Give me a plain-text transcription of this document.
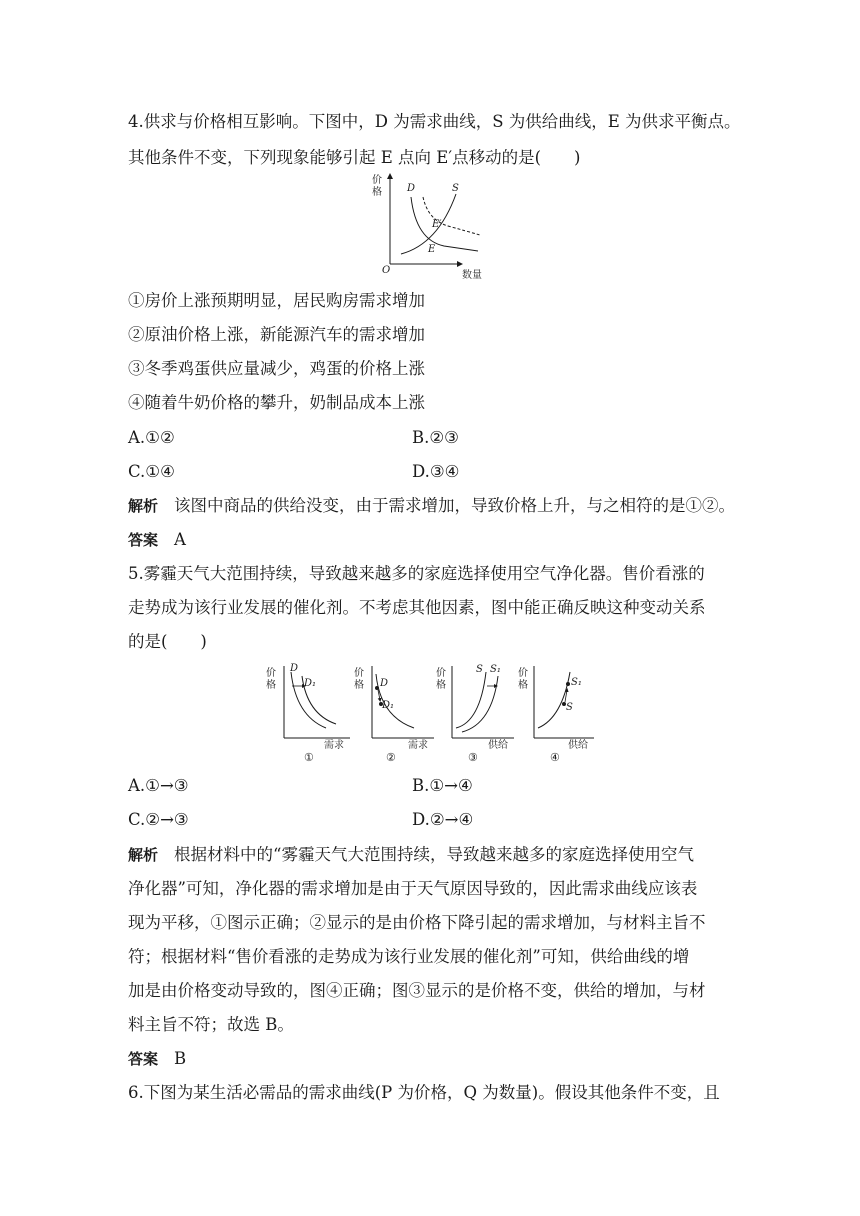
4.供求与价格相互影响。下图中，D 为需求曲线，S 为供给曲线，E 为供求平衡点。
其他条件不变，下列现象能够引起 E 点向 E′点移动的是(　　)
价
格
O	数量
D	S
E′
E
①房价上涨预期明显，居民购房需求增加
②原油价格上涨，新能源汽车的需求增加
③冬季鸡蛋供应量减少，鸡蛋的价格上涨
④随着牛奶价格的攀升，奶制品成本上涨
A.①②	B.②③
C.①④	D.③④
解析 该图中商品的供给没变，由于需求增加，导致价格上升，与之相符的是①②。
答案 A
5.雾霾天气大范围持续，导致越来越多的家庭选择使用空气净化器。售价看涨的
走势成为该行业发展的催化剂。不考虑其他因素，图中能正确反映这种变动关系
的是(　　)
价
格
D
D₁
需求
①
价
格 D
D₁
需求
②
价
格
S S₁
供给
③
价
格	S₁
S
供给
④
A.①→③	B.①→④
C.②→③	D.②→④
解析 根据材料中的“雾霾天气大范围持续，导致越来越多的家庭选择使用空气
净化器”可知，净化器的需求增加是由于天气原因导致的，因此需求曲线应该表
现为平移，①图示正确；②显示的是由价格下降引起的需求增加，与材料主旨不
符；根据材料“售价看涨的走势成为该行业发展的催化剂”可知，供给曲线的增
加是由价格变动导致的，图④正确；图③显示的是价格不变，供给的增加，与材
料主旨不符；故选 B。
答案 B
6.下图为某生活必需品的需求曲线(P 为价格，Q 为数量)。假设其他条件不变，且
